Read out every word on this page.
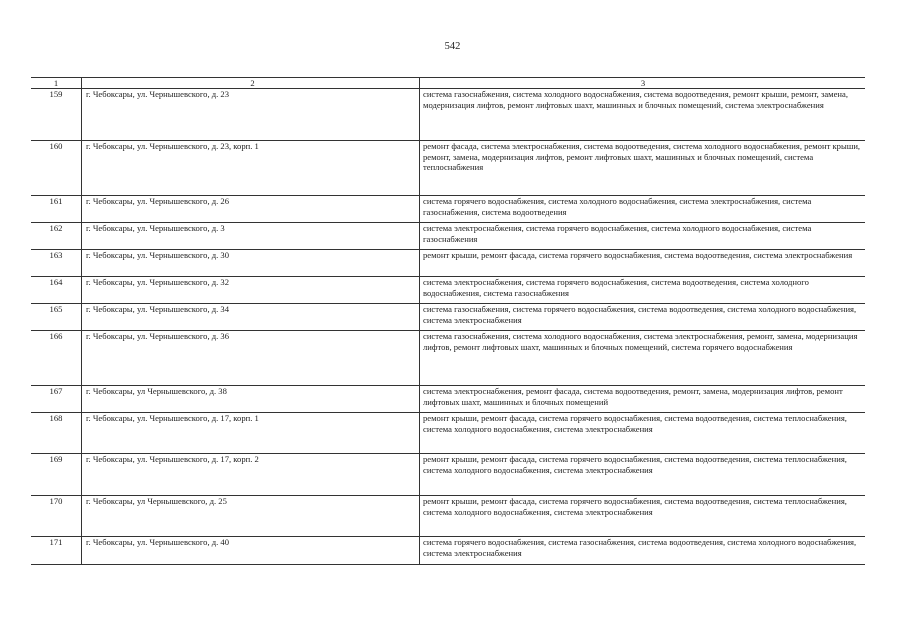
542
1	2	3
159	г. Чебоксары, ул. Чернышевского, д. 23	система газоснабжения, система холодного водоснабжения, система водоотведения, ремонт крыши, ремонт, замена, модернизация лифтов, ремонт лифтовых шахт, машинных и блочных помещений, система электроснабжения
160	г. Чебоксары, ул. Чернышевского, д. 23, корп. 1	ремонт фасада, система электроснабжения, система водоотведения, система холодного водоснабжения, ремонт крыши, ремонт, замена, модернизация лифтов, ремонт лифтовых шахт, машинных и блочных помещений, система теплоснабжения
161	г. Чебоксары, ул. Чернышевского, д. 26	система горячего водоснабжения, система холодного водоснабжения, система электроснабжения, система газоснабжения, система водоотведения
162	г. Чебоксары, ул. Чернышевского, д. 3	система электроснабжения, система горячего водоснабжения, система холодного водоснабжения, система газоснабжения
163	г. Чебоксары, ул. Чернышевского, д. 30	ремонт крыши, ремонт фасада, система горячего водоснабжения, система водоотведения, система электроснабжения
164	г. Чебоксары, ул. Чернышевского, д. 32	система электроснабжения, система горячего водоснабжения, система водоотведения, система холодного водоснабжения, система газоснабжения
165	г. Чебоксары, ул. Чернышевского, д. 34	система газоснабжения, система горячего водоснабжения, система водоотведения, система холодного водоснабжения, система электроснабжения
166	г. Чебоксары, ул. Чернышевского, д. 36	система газоснабжения, система холодного водоснабжения, система электроснабжения, ремонт, замена, модернизация лифтов, ремонт лифтовых шахт, машинных и блочных помещений, система горячего водоснабжения
167	г. Чебоксары, ул Чернышевского, д. 38	система электроснабжения, ремонт фасада, система водоотведения, ремонт, замена, модернизация лифтов, ремонт лифтовых шахт, машинных и блочных помещений
168	г. Чебоксары, ул. Чернышевского, д. 17, корп. 1	ремонт крыши, ремонт фасада, система горячего водоснабжения, система водоотведения, система теплоснабжения, система холодного водоснабжения, система электроснабжения
169	г. Чебоксары, ул. Чернышевского, д. 17, корп. 2	ремонт крыши, ремонт фасада, система горячего водоснабжения, система водоотведения, система теплоснабжения, система холодного водоснабжения, система электроснабжения
170	г. Чебоксары, ул Чернышевского, д. 25	ремонт крыши, ремонт фасада, система горячего водоснабжения, система водоотведения, система теплоснабжения, система холодного водоснабжения, система электроснабжения
171	г. Чебоксары, ул. Чернышевского, д. 40	система горячего водоснабжения, система газоснабжения, система водоотведения, система холодного водоснабжения, система электроснабжения
